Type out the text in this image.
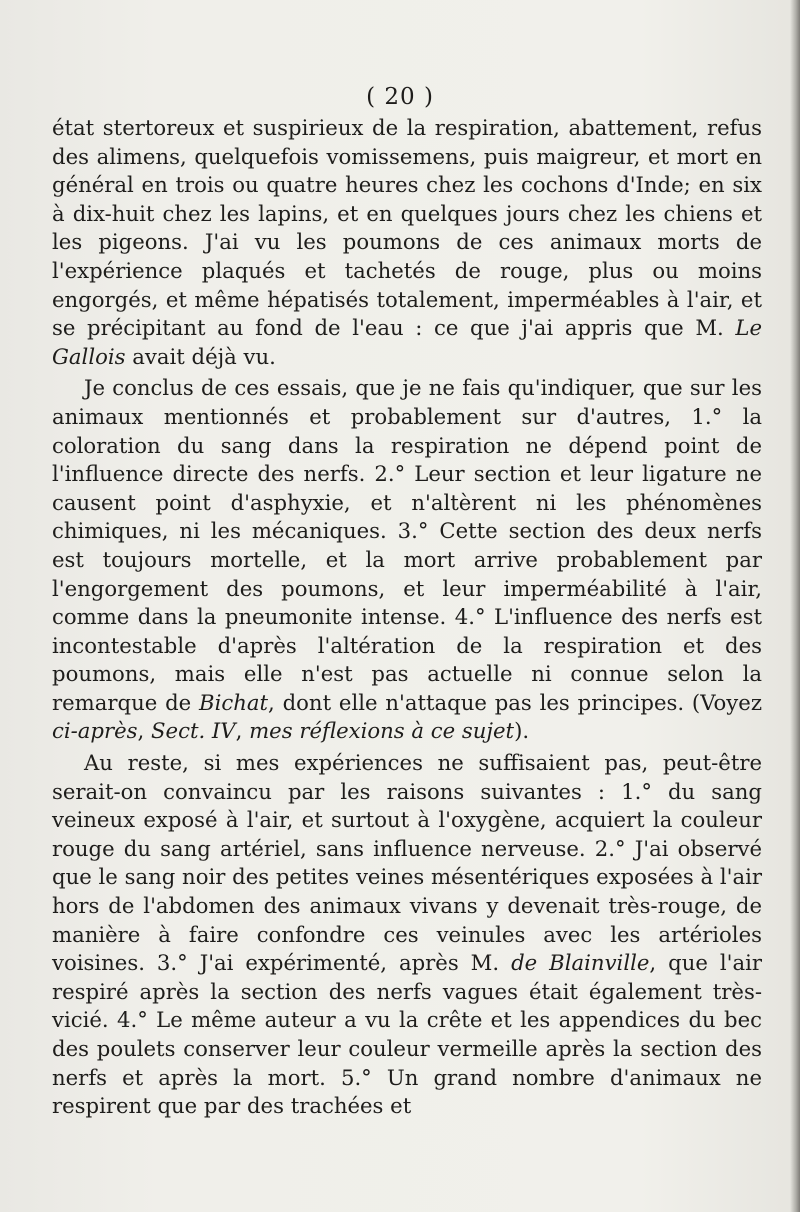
( 20 )

état stertoreux et suspirieux de la respiration, abattement, refus des alimens, quelquefois vomissemens, puis maigreur, et mort en général en trois ou quatre heures chez les cochons d'Inde; en six à dix-huit chez les lapins, et en quelques jours chez les chiens et les pigeons. J'ai vu les poumons de ces animaux morts de l'expérience plaqués et tachetés de rouge, plus ou moins engorgés, et même hépatisés totalement, imperméables à l'air, et se précipitant au fond de l'eau : ce que j'ai appris que M. Le Gallois avait déjà vu.

Je conclus de ces essais, que je ne fais qu'indiquer, que sur les animaux mentionnés et probablement sur d'autres, 1.° la coloration du sang dans la respiration ne dépend point de l'influence directe des nerfs. 2.° Leur section et leur ligature ne causent point d'asphyxie, et n'altèrent ni les phénomènes chimiques, ni les mécaniques. 3.° Cette section des deux nerfs est toujours mortelle, et la mort arrive probablement par l'engorgement des poumons, et leur imperméabilité à l'air, comme dans la pneumonite intense. 4.° L'influence des nerfs est incontestable d'après l'altération de la respiration et des poumons, mais elle n'est pas actuelle ni connue selon la remarque de Bichat, dont elle n'attaque pas les principes. (Voyez ci-après, Sect. IV, mes réflexions à ce sujet).

Au reste, si mes expériences ne suffisaient pas, peut-être serait-on convaincu par les raisons suivantes : 1.° du sang veineux exposé à l'air, et surtout à l'oxygène, acquiert la couleur rouge du sang artériel, sans influence nerveuse. 2.° J'ai observé que le sang noir des petites veines mésentériques exposées à l'air hors de l'abdomen des animaux vivans y devenait très-rouge, de manière à faire confondre ces veinules avec les artérioles voisines. 3.° J'ai expérimenté, après M. de Blainville, que l'air respiré après la section des nerfs vagues était également très-vicié. 4.° Le même auteur a vu la crête et les appendices du bec des poulets conserver leur couleur vermeille après la section des nerfs et après la mort. 5.° Un grand nombre d'animaux ne respirent que par des trachées et
